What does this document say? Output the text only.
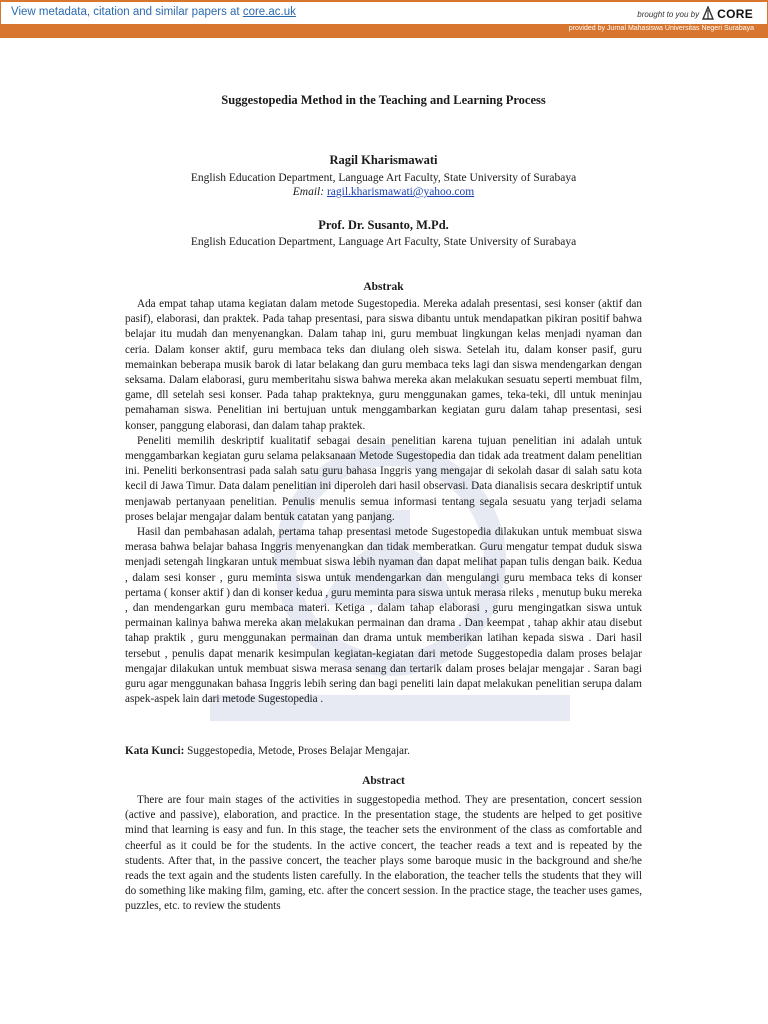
View metadata, citation and similar papers at core.ac.uk	brought to you by CORE
provided by Jurnal Mahasiswa Universitas Negeri Surabaya
Suggestopedia Method in the Teaching and Learning Process
Ragil Kharismawati
English Education Department, Language Art Faculty, State University of Surabaya
Email: ragil.kharismawati@yahoo.com
Prof. Dr. Susanto, M.Pd.
English Education Department, Language Art Faculty, State University of Surabaya
Abstrak

Ada empat tahap utama kegiatan dalam metode Sugestopedia. Mereka adalah presentasi, sesi konser (aktif dan pasif), elaborasi, dan praktek. Pada tahap presentasi, para siswa dibantu untuk mendapatkan pikiran positif bahwa belajar itu mudah dan menyenangkan. Dalam tahap ini, guru membuat lingkungan kelas menjadi nyaman dan ceria. Dalam konser aktif, guru membaca teks dan diulang oleh siswa. Setelah itu, dalam konser pasif, guru memainkan beberapa musik barok di latar belakang dan guru membaca teks lagi dan siswa mendengarkan dengan seksama. Dalam elaborasi, guru memberitahu siswa bahwa mereka akan melakukan sesuatu seperti membuat film, game, dll setelah sesi konser. Pada tahap prakteknya, guru menggunakan games, teka-teki, dll untuk meninjau pemahaman siswa. Penelitian ini bertujuan untuk menggambarkan kegiatan guru dalam tahap presentasi, sesi konser, panggung elaborasi, dan dalam tahap praktek.

Peneliti memilih deskriptif kualitatif sebagai desain penelitian karena tujuan penelitian ini adalah untuk menggambarkan kegiatan guru selama pelaksanaan Metode Sugestopedia dan tidak ada treatment dalam penelitian ini. Peneliti berkonsentrasi pada salah satu guru bahasa Inggris yang mengajar di sekolah dasar di salah satu kota kecil di Jawa Timur. Data dalam penelitian ini diperoleh dari hasil observasi. Data dianalisis secara deskriptif untuk menjawab pertanyaan penelitian. Penulis menulis semua informasi tentang segala sesuatu yang terjadi selama proses belajar mengajar dalam bentuk catatan yang panjang.

Hasil dan pembahasan adalah, pertama tahap presentasi metode Sugestopedia dilakukan untuk membuat siswa merasa bahwa belajar bahasa Inggris menyenangkan dan tidak memberatkan. Guru mengatur tempat duduk siswa menjadi setengah lingkaran untuk membuat siswa lebih nyaman dan dapat melihat papan tulis dengan baik. Kedua , dalam sesi konser , guru meminta siswa untuk mendengarkan dan mengulangi guru membaca teks di konser pertama ( konser aktif ) dan di konser kedua , guru meminta para siswa untuk merasa rileks , menutup buku mereka , dan mendengarkan guru membaca materi. Ketiga , dalam tahap elaborasi , guru mengingatkan siswa untuk permainan kalinya bahwa mereka akan melakukan permainan dan drama . Dan keempat , tahap akhir atau disebut tahap praktik , guru menggunakan permainan dan drama untuk memberikan latihan kepada siswa . Dari hasil tersebut , penulis dapat menarik kesimpulan kegiatan-kegiatan dari metode Suggestopedia dalam proses belajar mengajar dilakukan untuk membuat siswa merasa senang dan tertarik dalam proses belajar mengajar . Saran bagi guru agar menggunakan bahasa Inggris lebih sering dan bagi peneliti lain dapat melakukan penelitian serupa dalam aspek-aspek lain dari metode Sugestopedia .

Kata Kunci: Suggestopedia, Metode, Proses Belajar Mengajar.
Abstract

There are four main stages of the activities in suggestopedia method. They are presentation, concert session (active and passive), elaboration, and practice. In the presentation stage, the students are helped to get positive mind that learning is easy and fun. In this stage, the teacher sets the environment of the class as comfortable and cheerful as it could be for the students. In the active concert, the teacher reads a text and is repeated by the students. After that, in the passive concert, the teacher plays some baroque music in the background and she/he reads the text again and the students listen carefully. In the elaboration, the teacher tells the students that they will do something like making film, gaming, etc. after the concert session. In the practice stage, the teacher uses games, puzzles, etc. to review the students
